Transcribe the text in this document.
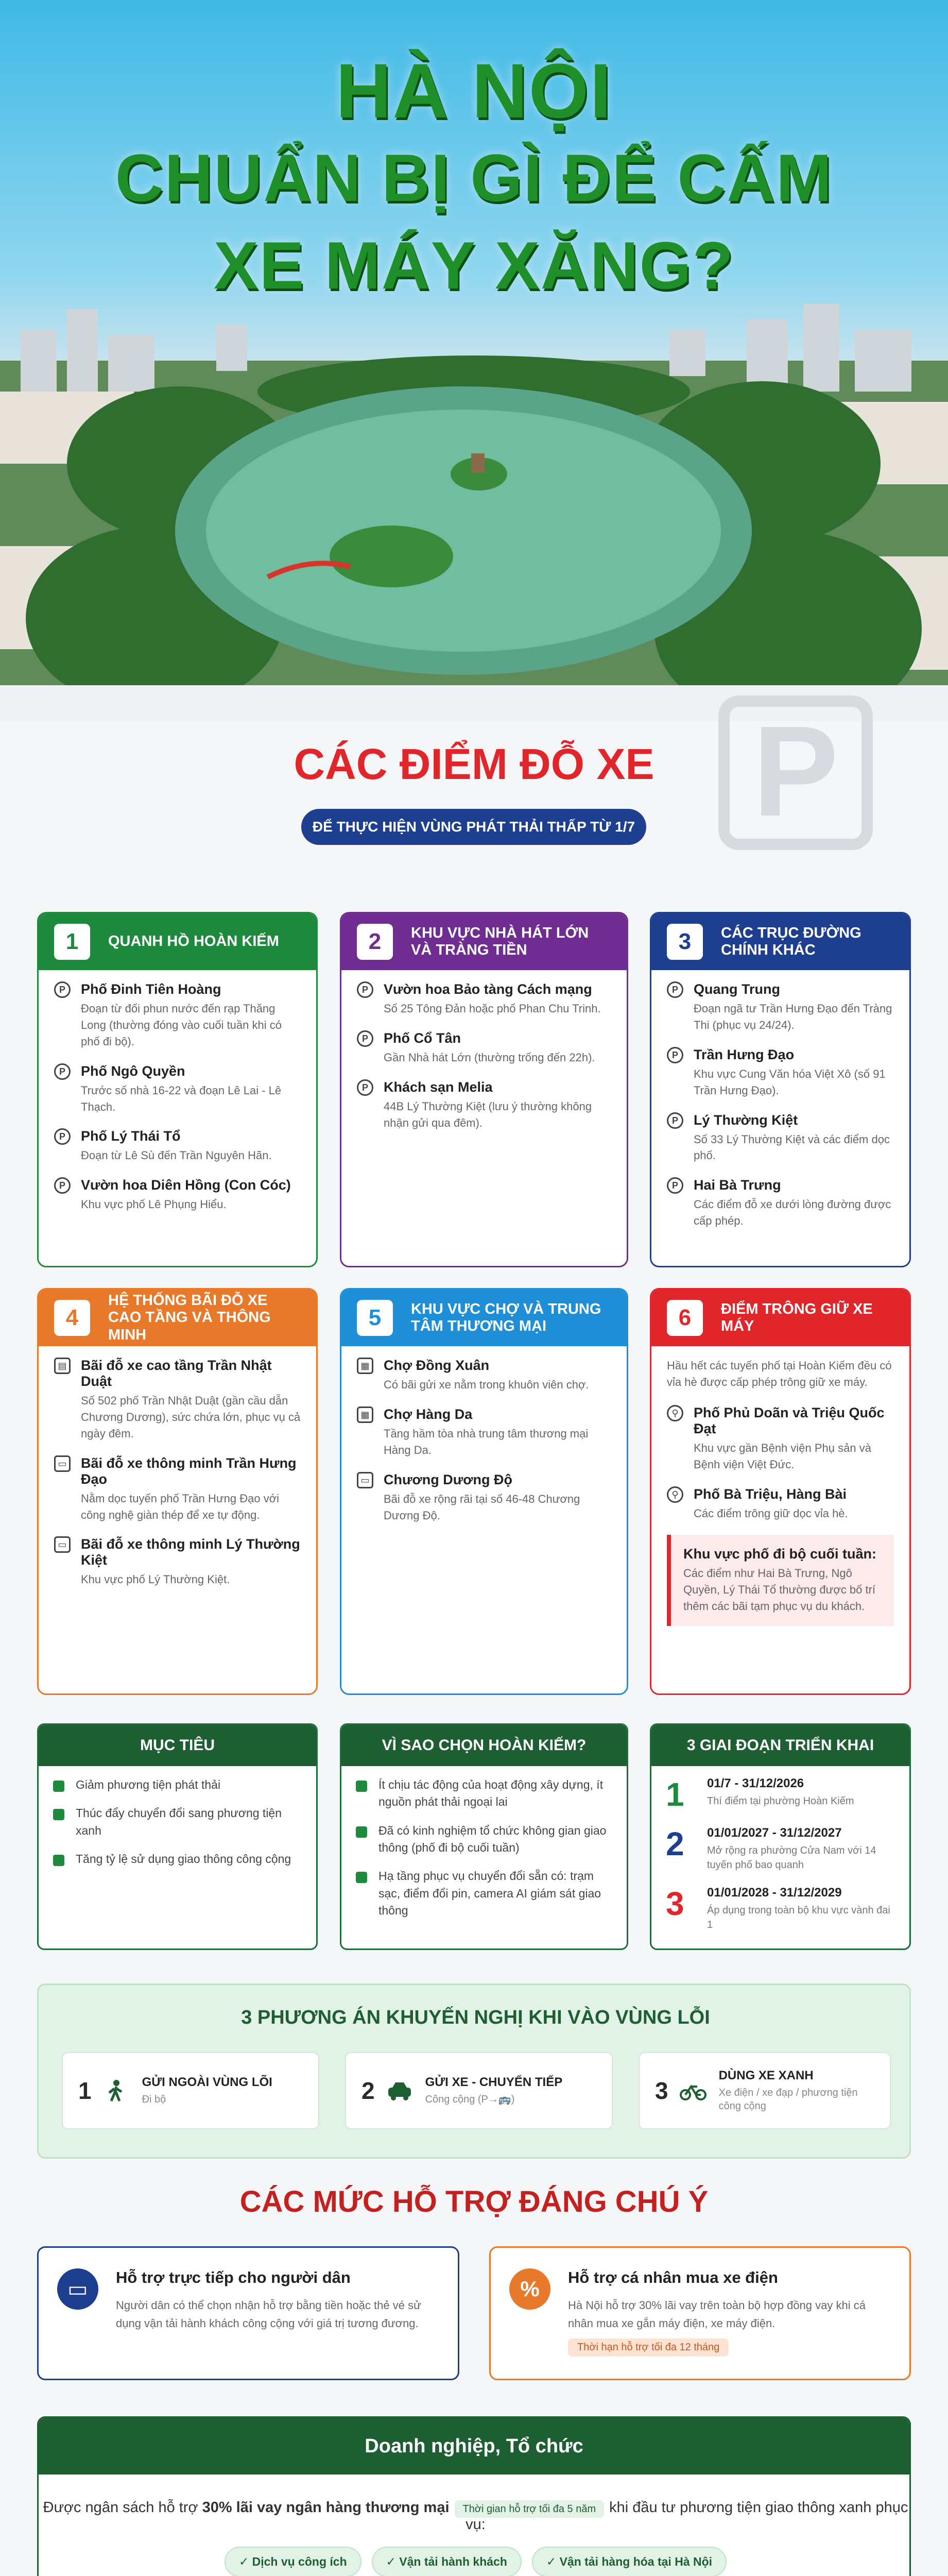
HÀ NỘI
CHUẨN BỊ GÌ ĐỂ CẤM
XE MÁY XĂNG?
P
CÁC ĐIỂM ĐỖ XE
ĐỂ THỰC HIỆN VÙNG PHÁT THẢI THẤP TỪ 1/7
1	QUANH HỒ HOÀN KIẾM
P	Phố Đinh Tiên Hoàng
Đoạn từ đối phun nước đến rạp Thăng Long (thường đóng vào cuối tuần khi có phố đi bộ).
P	Phố Ngô Quyền
Trước số nhà 16-22 và đoạn Lê Lai - Lê Thạch.
P	Phố Lý Thái Tổ
Đoạn từ Lê Sù đến Trần Nguyên Hãn.
P	Vườn hoa Diên Hồng (Con Cóc)
Khu vực phố Lê Phụng Hiểu.
2	KHU VỰC NHÀ HÁT LỚN VÀ TRÀNG TIỀN
P	Vườn hoa Bảo tàng Cách mạng
Số 25 Tông Đản hoặc phố Phan Chu Trinh.
P	Phố Cổ Tân
Gần Nhà hát Lớn (thường trống đến 22h).
P	Khách sạn Melia
44B Lý Thường Kiệt (lưu ý thường không nhận gửi qua đêm).
3	CÁC TRỤC ĐƯỜNG CHÍNH KHÁC
P	Quang Trung
Đoạn ngã tư Trần Hưng Đạo đến Tràng Thi (phục vụ 24/24).
P	Trần Hưng Đạo
Khu vực Cung Văn hóa Việt Xô (số 91 Trần Hưng Đạo).
P	Lý Thường Kiệt
Số 33 Lý Thường Kiệt và các điểm dọc phố.
P	Hai Bà Trưng
Các điểm đỗ xe dưới lòng đường được cấp phép.
4
HỆ THỐNG BÃI ĐỖ XE CAO TẦNG VÀ THÔNG MINH
▤ Bãi đỗ xe cao tầng Trần Nhật Duật
Số 502 phố Trần Nhật Duật (gần cầu dẫn Chương Dương), sức chứa lớn, phục vụ cả ngày đêm.
▭ Bãi đỗ xe thông minh Trần Hưng Đạo
Nằm dọc tuyến phố Trần Hưng Đạo với công nghệ giàn thép để xe tự động.
▭ Bãi đỗ xe thông minh Lý Thường Kiệt
Khu vực phố Lý Thường Kiệt.
5	KHU VỰC CHỢ VÀ TRUNG TÂM THƯƠNG MẠI
▦ Chợ Đồng Xuân
Có bãi gửi xe nằm trong khuôn viên chợ.
▦ Chợ Hàng Da
Tầng hầm tòa nhà trung tâm thương mại Hàng Da.
▭ Chương Dương Độ
Bãi đỗ xe rộng rãi tại số 46-48 Chương Dương Độ.
6	ĐIỂM TRÔNG GIỮ XE MÁY
Hầu hết các tuyến phố tại Hoàn Kiếm đều có vỉa hè được cấp phép trông giữ xe máy.
⚲	Phố Phủ Doãn và Triệu Quốc Đạt
Khu vực gần Bệnh viện Phụ sản và Bệnh viện Việt Đức.
⚲	Phố Bà Triệu, Hàng Bài
Các điểm trông giữ dọc vỉa hè.
Khu vực phố đi bộ cuối tuần:
Các điểm như Hai Bà Trưng, Ngô Quyền, Lý Thái Tổ thường được bố trí thêm các bãi tạm phục vụ du khách.
MỤC TIÊU
Giảm phương tiện phát thải
Thúc đẩy chuyển đổi sang phương tiện xanh
Tăng tỷ lệ sử dụng giao thông công cộng
VÌ SAO CHỌN HOÀN KIẾM?
Ít chịu tác động của hoạt động xây dựng, ít nguồn phát thải ngoại lai
Đã có kinh nghiệm tổ chức không gian giao thông (phố đi bộ cuối tuần)
Hạ tầng phục vụ chuyển đổi sẵn có: trạm sạc, điểm đổi pin, camera AI giám sát giao thông
3 GIAI ĐOẠN TRIỂN KHAI
1	01/7 - 31/12/2026
Thí điểm tại phường Hoàn Kiếm
2	01/01/2027 - 31/12/2027
Mở rộng ra phường Cửa Nam với 14 tuyến phố bao quanh
3	01/01/2028 - 31/12/2029
Áp dụng trong toàn bộ khu vực vành đai 1
3 PHƯƠNG ÁN KHUYẾN NGHỊ KHI VÀO VÙNG LỖI
1	GỬI NGOÀI VÙNG LÕI
Đi bộ	2	GỬI XE - CHUYỂN TIẾP
Công cộng (P→🚌)	3
DÙNG XE XANH
Xe điện / xe đạp / phương tiện công cộng
CÁC MỨC HỖ TRỢ ĐÁNG CHÚ Ý
▭	Hỗ trợ trực tiếp cho người dân
Người dân có thể chọn nhận hỗ trợ bằng tiền hoặc thẻ vé sử dụng vận tải hành khách công cộng với giá trị tương đương.
%	Hỗ trợ cá nhân mua xe điện
Hà Nội hỗ trợ 30% lãi vay trên toàn bộ hợp đồng vay khi cá nhân mua xe gắn máy điện, xe máy điện.
Thời hạn hỗ trợ tối đa 12 tháng
Doanh nghiệp, Tổ chức
Được ngân sách hỗ trợ 30% lãi vay ngân hàng thương mại Thời gian hỗ trợ tối đa 5 năm khi đầu tư phương tiện giao thông xanh phục vụ:
✓ Dịch vụ công ích	✓ Vận tải hành khách	✓ Vận tải hàng hóa tại Hà Nội
